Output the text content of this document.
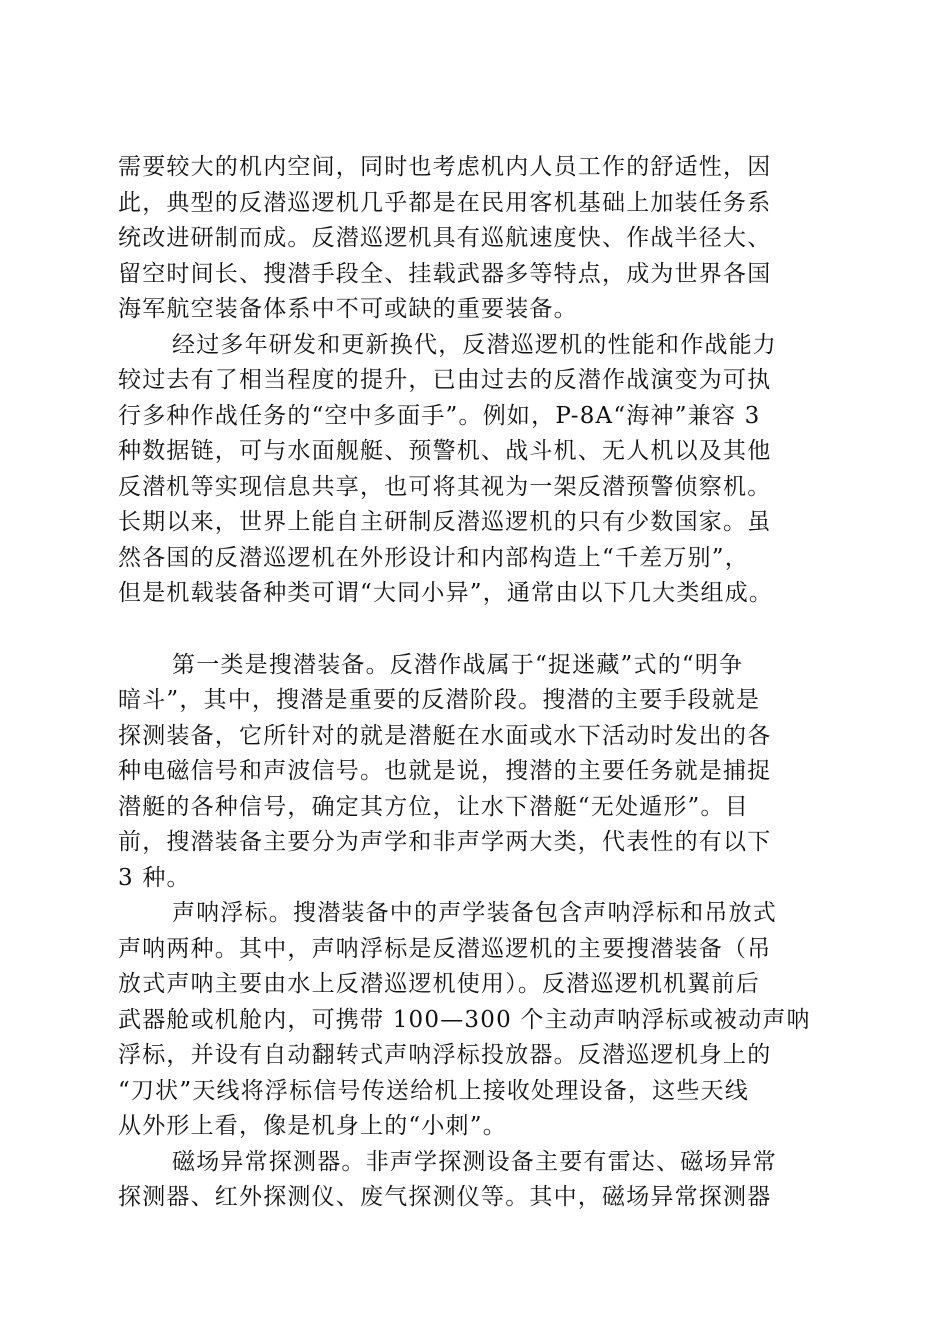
需要较大的机内空间，同时也考虑机内人员工作的舒适性，因
此，典型的反潜巡逻机几乎都是在民用客机基础上加装任务系
统改进研制而成。反潜巡逻机具有巡航速度快、作战半径大、
留空时间长、搜潜手段全、挂载武器多等特点，成为世界各国
海军航空装备体系中不可或缺的重要装备。
经过多年研发和更新换代，反潜巡逻机的性能和作战能力
较过去有了相当程度的提升，已由过去的反潜作战演变为可执
行多种作战任务的“空中多面手”。例如，P-8A“海神”兼容 3
种数据链，可与水面舰艇、预警机、战斗机、无人机以及其他
反潜机等实现信息共享，也可将其视为一架反潜预警侦察机。
长期以来，世界上能自主研制反潜巡逻机的只有少数国家。虽
然各国的反潜巡逻机在外形设计和内部构造上“千差万别”，
但是机载装备种类可谓“大同小异”，通常由以下几大类组成。
第一类是搜潜装备。反潜作战属于“捉迷藏”式的“明争
暗斗”，其中，搜潜是重要的反潜阶段。搜潜的主要手段就是
探测装备，它所针对的就是潜艇在水面或水下活动时发出的各
种电磁信号和声波信号。也就是说，搜潜的主要任务就是捕捉
潜艇的各种信号，确定其方位，让水下潜艇“无处遁形”。目
前，搜潜装备主要分为声学和非声学两大类，代表性的有以下
3 种。
声呐浮标。搜潜装备中的声学装备包含声呐浮标和吊放式
声呐两种。其中，声呐浮标是反潜巡逻机的主要搜潜装备（吊
放式声呐主要由水上反潜巡逻机使用）。反潜巡逻机机翼前后
武器舱或机舱内，可携带 100—300 个主动声呐浮标或被动声呐
浮标，并设有自动翻转式声呐浮标投放器。反潜巡逻机身上的
“刀状”天线将浮标信号传送给机上接收处理设备，这些天线
从外形上看，像是机身上的“小刺”。
磁场异常探测器。非声学探测设备主要有雷达、磁场异常
探测器、红外探测仪、废气探测仪等。其中，磁场异常探测器
